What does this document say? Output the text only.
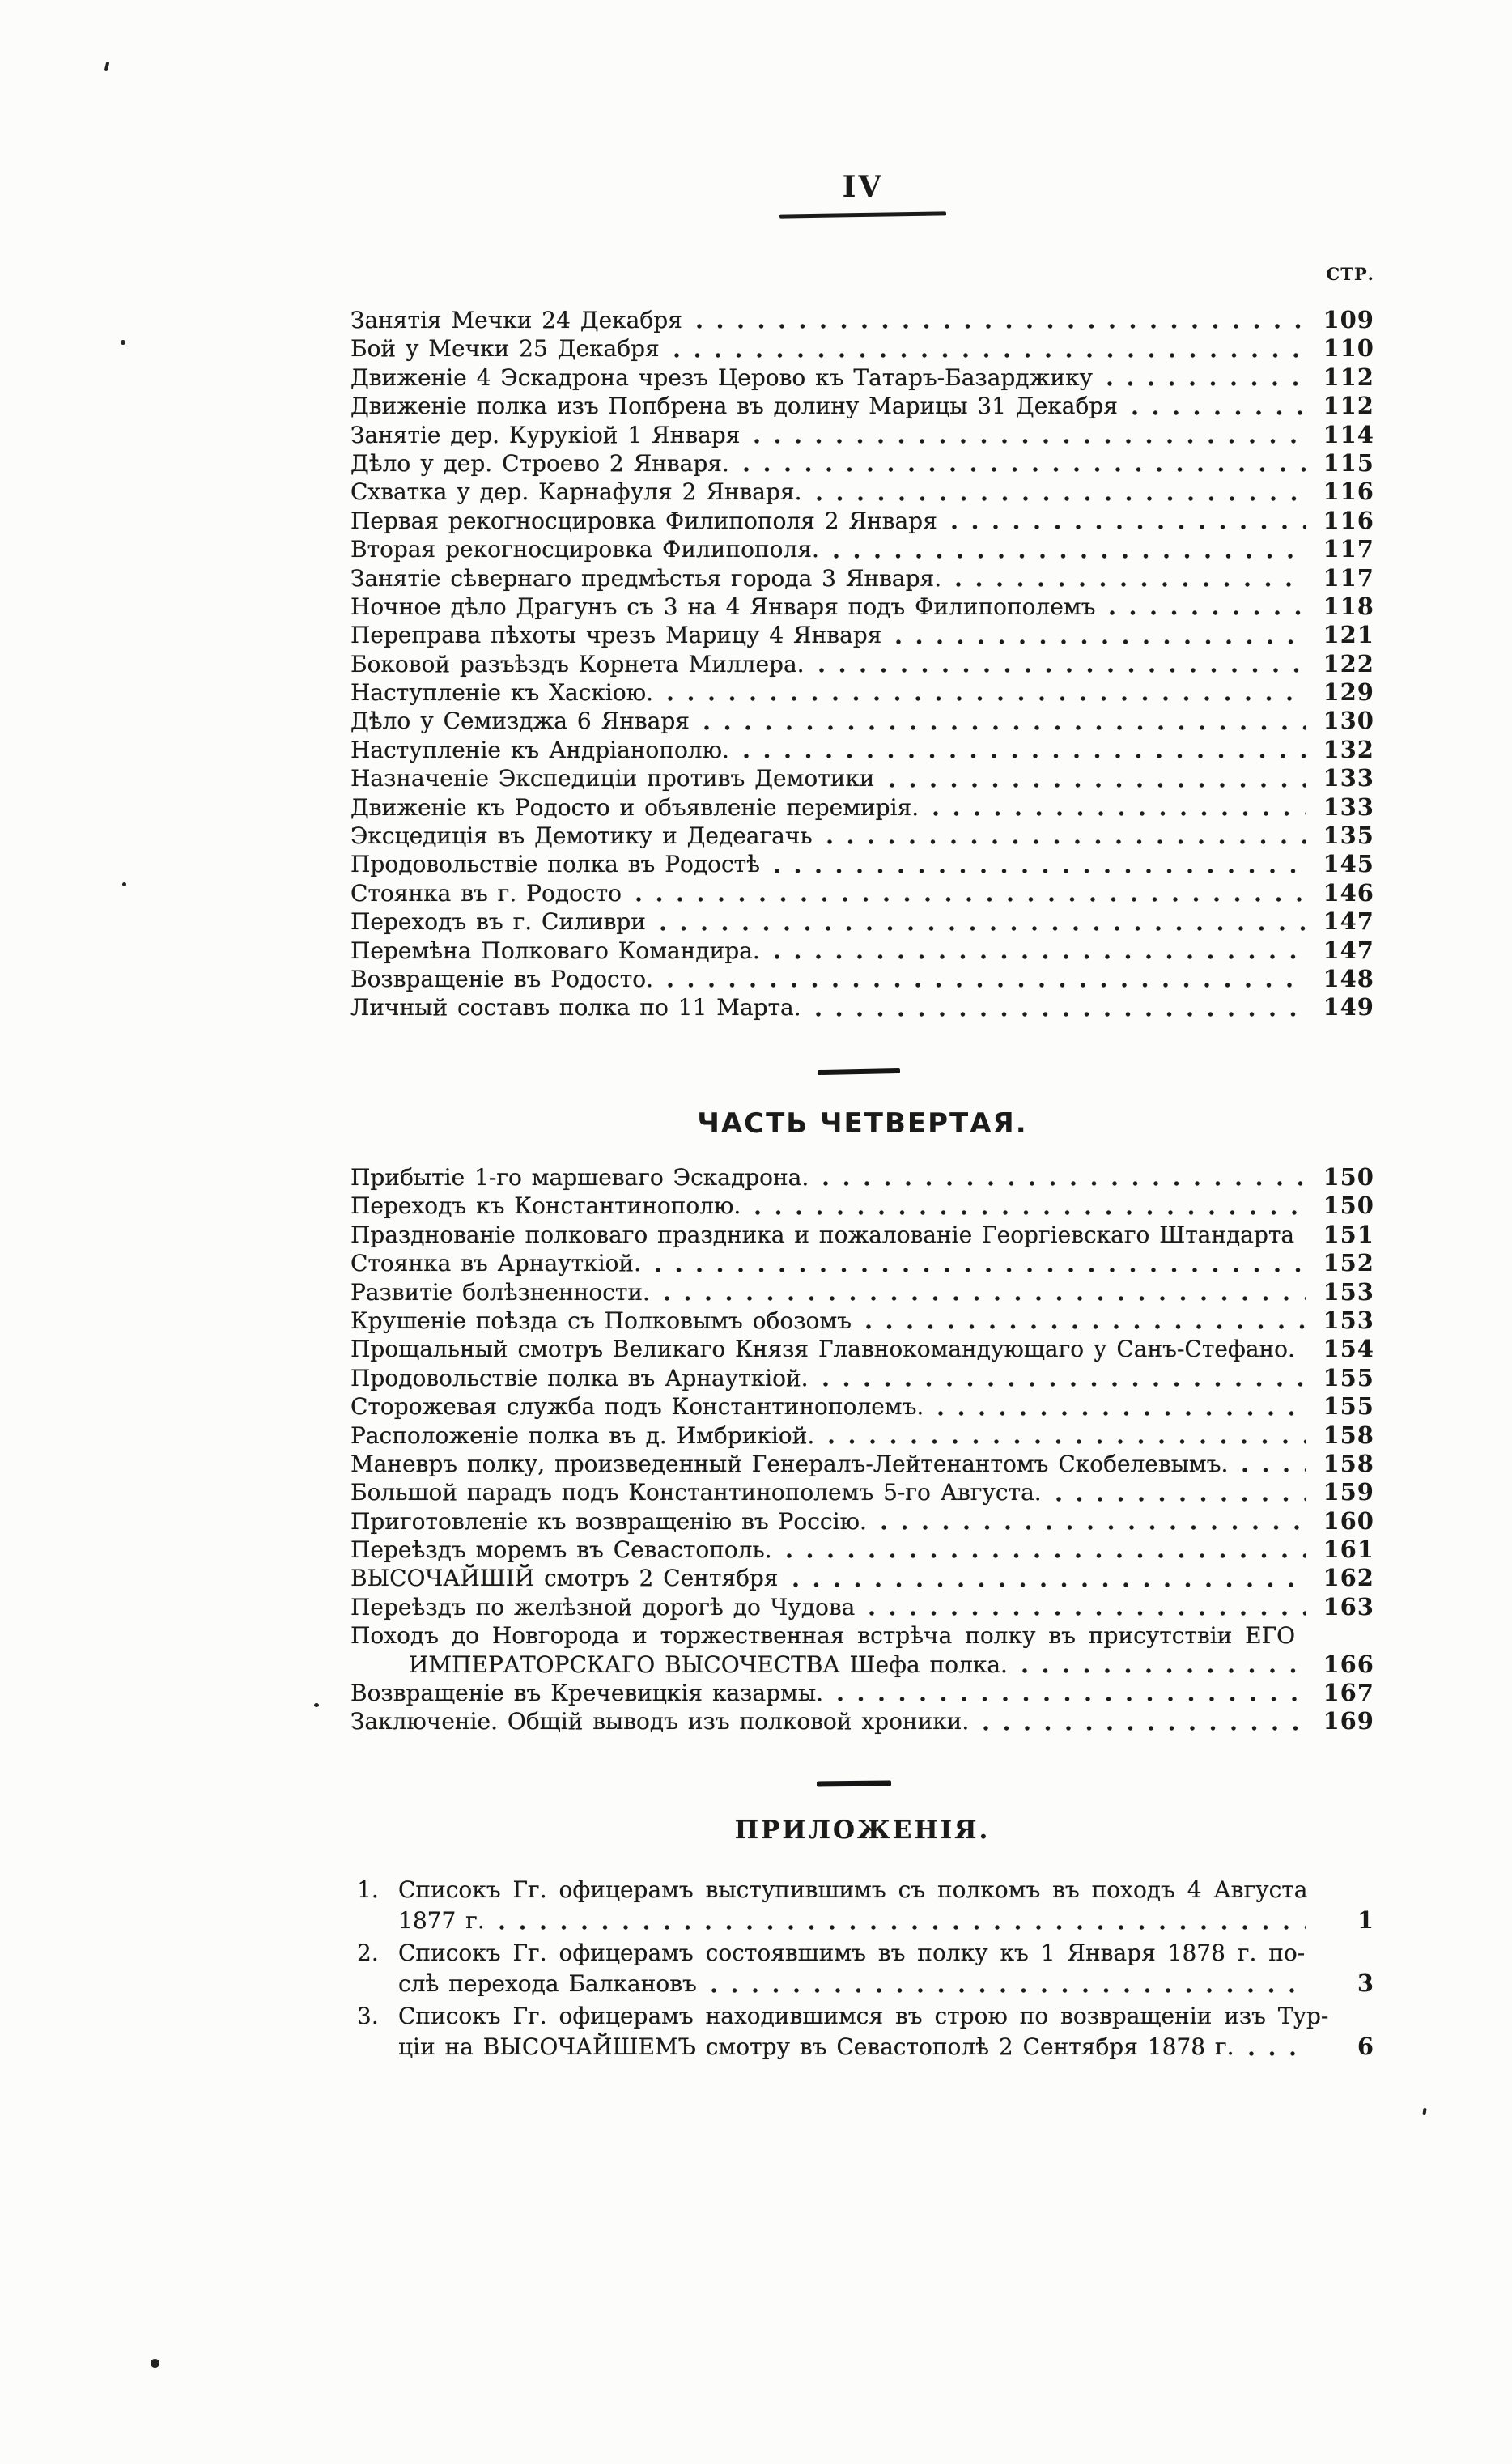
IV
СТР.
Занятія Мечки 24 Декабря	109
Бой у Мечки 25 Декабря	110
Движеніе 4 Эскадрона чрезъ Церово къ Татаръ-Базарджику	112
Движеніе полка изъ Попбрена въ долину Марицы 31 Декабря	112
Занятіе дер. Курукіой 1 Января	114
Дѣло у дер. Строево 2 Января.	115
Схватка у дер. Карнафуля 2 Января.	116
Первая рекогносцировка Филипополя 2 Января	116
Вторая рекогносцировка Филипополя.	117
Занятіе сѣвернаго предмѣстья города 3 Января.	117
Ночное дѣло Драгунъ съ 3 на 4 Января подъ Филипополемъ	118
Переправа пѣхоты чрезъ Марицу 4 Января	121
Боковой разъѣздъ Корнета Миллера.	122
Наступленіе къ Хаскіою.	129
Дѣло у Семизджа 6 Января	130
Наступленіе къ Андріанополю.	132
Назначеніе Экспедиціи противъ Демотики	133
Движеніе къ Родосто и объявленіе перемирія.	133
Эксцедиція въ Демотику и Дедеагачь	135
Продовольствіе полка въ Родостѣ	145
Стоянка въ г. Родосто	146
Переходъ въ г. Силиври	147
Перемѣна Полковаго Командира.	147
Возвращеніе въ Родосто.	148
Личный составъ полка по 11 Марта.	149
ЧАСТЬ ЧЕТВЕРТАЯ.
Прибытіе 1-го маршеваго Эскадрона.	150
Переходъ къ Константинополю.	150
Празднованіе полковаго праздника и пожалованіе Георгіевскаго Штандарта	151
Стоянка въ Арнауткіой.	152
Развитіе болѣзненности.	153
Крушеніе поѣзда съ Полковымъ обозомъ	153
Прощальный смотръ Великаго Князя Главнокомандующаго у Санъ-Стефано.	154
Продовольствіе полка въ Арнауткіой.	155
Сторожевая служба подъ Константинополемъ.	155
Расположеніе полка въ д. Имбрикіой.	158
Маневръ полку, произведенный Генералъ-Лейтенантомъ Скобелевымъ.	158
Большой парадъ подъ Константинополемъ 5-го Августа.	159
Приготовленіе къ возвращенію въ Россію.	160
Переѣздъ моремъ въ Севастополь.	161
ВЫСОЧАЙШІЙ смотръ 2 Сентября	162
Переѣздъ по желѣзной дорогѣ до Чудова	163
Походъ до Новгорода и торжественная встрѣча полку въ присутствіи ЕГО
ИМПЕРАТОРСКАГО ВЫСОЧЕСТВА Шефа полка.	166
Возвращеніе въ Кречевицкія казармы.	167
Заключеніе. Общій выводъ изъ полковой хроники.	169
ПРИЛОЖЕНІЯ.
1. Списокъ Гг. офицерамъ выступившимъ съ полкомъ въ походъ 4 Августа
1877 г.	1
2. Списокъ Гг. офицерамъ состоявшимъ въ полку къ 1 Января 1878 г. по-
слѣ перехода Балкановъ	3
3. Списокъ Гг. офицерамъ находившимся въ строю по возвращеніи изъ Тур-
ціи на ВЫСОЧАЙШЕМЪ смотру въ Севастополѣ 2 Сентября 1878 г.	6
